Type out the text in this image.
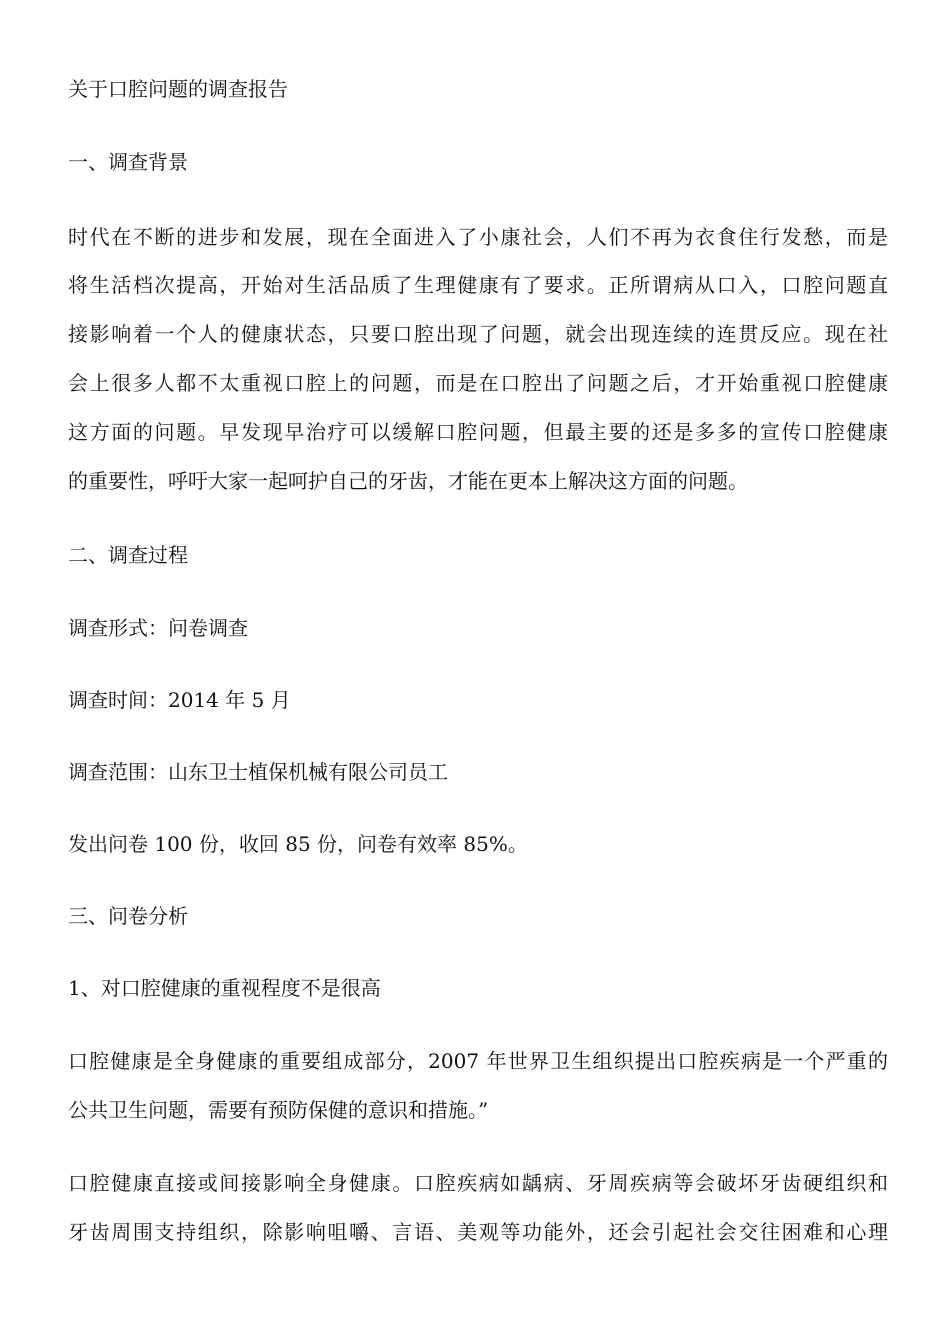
关于口腔问题的调查报告
一、调查背景
时代在不断的进步和发展，现在全面进入了小康社会，人们不再为衣食住行发愁，而是
将生活档次提高，开始对生活品质了生理健康有了要求。正所谓病从口入，口腔问题直
接影响着一个人的健康状态，只要口腔出现了问题，就会出现连续的连贯反应。现在社
会上很多人都不太重视口腔上的问题，而是在口腔出了问题之后，才开始重视口腔健康
这方面的问题。早发现早治疗可以缓解口腔问题，但最主要的还是多多的宣传口腔健康
的重要性，呼吁大家一起呵护自己的牙齿，才能在更本上解决这方面的问题。
二、调查过程
调查形式：问卷调查
调查时间：2014 年 5 月
调查范围：山东卫士植保机械有限公司员工
发出问卷 100 份，收回 85 份，问卷有效率 85%。
三、问卷分析
1、对口腔健康的重视程度不是很高
口腔健康是全身健康的重要组成部分，2007 年世界卫生组织提出口腔疾病是一个严重的
公共卫生问题，需要有预防保健的意识和措施。”
口腔健康直接或间接影响全身健康。口腔疾病如龋病、牙周疾病等会破坏牙齿硬组织和
牙齿周围支持组织，除影响咀嚼、言语、美观等功能外，还会引起社会交往困难和心理
